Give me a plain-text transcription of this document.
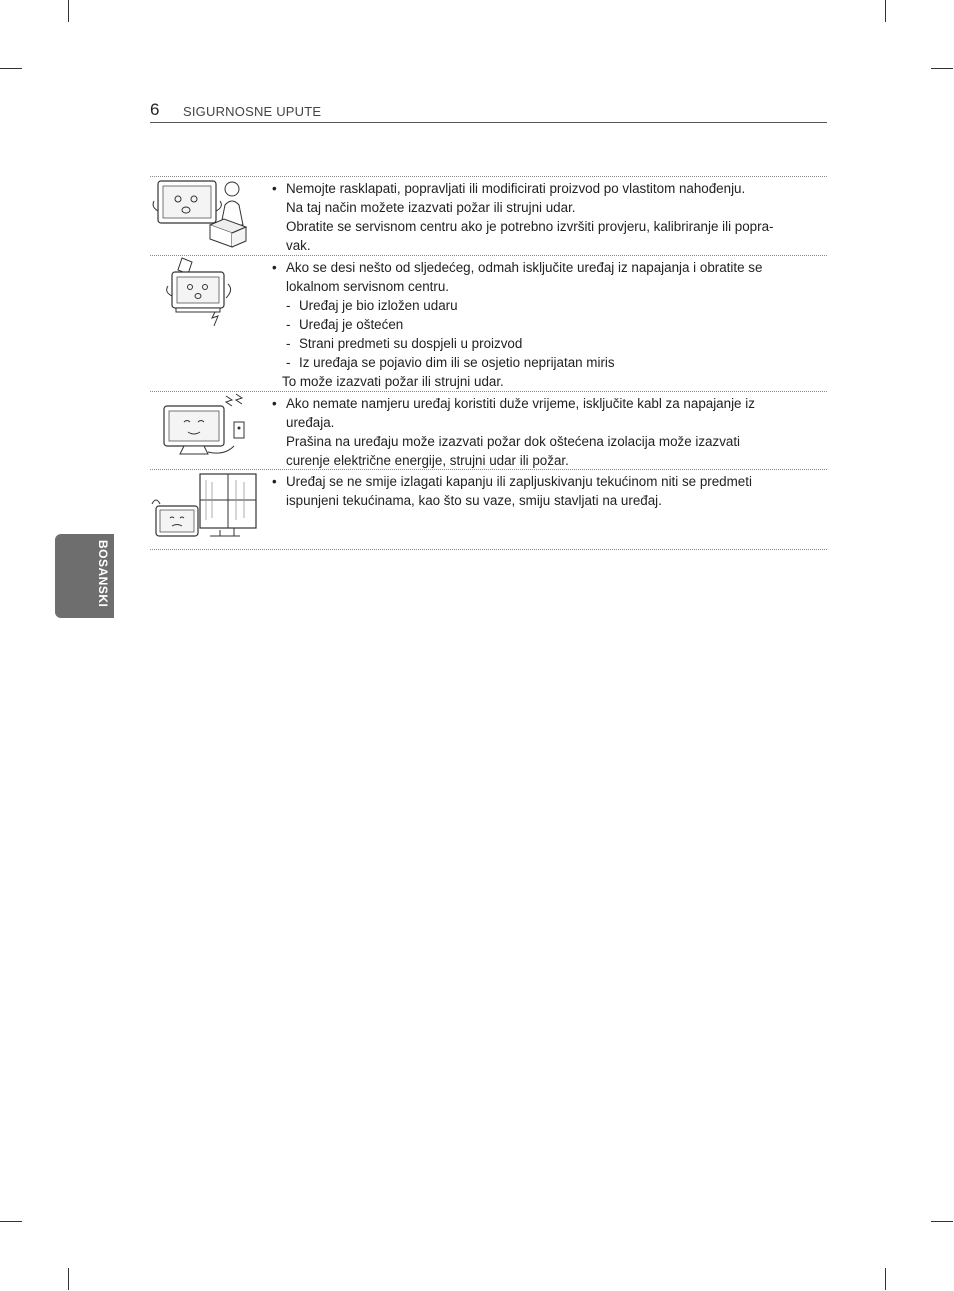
6 SIGURNOSNE UPUTE
BOSANSKI
• Nemojte rasklapati, popravljati ili modificirati proizvod po vlastitom nahođenju.
Na taj način možete izazvati požar ili strujni udar.
Obratite se servisnom centru ako je potrebno izvršiti provjeru, kalibriranje ili popra-
vak.
• Ako se desi nešto od sljedećeg, odmah isključite uređaj iz napajanja i obratite se
lokalnom servisnom centru.
- Uređaj je bio izložen udaru
- Uređaj je oštećen
- Strani predmeti su dospjeli u proizvod
- Iz uređaja se pojavio dim ili se osjetio neprijatan miris
To može izazvati požar ili strujni udar.
• Ako nemate namjeru uređaj koristiti duže vrijeme, isključite kabl za napajanje iz
uređaja.
Prašina na uređaju može izazvati požar dok oštećena izolacija može izazvati
curenje električne energije, strujni udar ili požar.
• Uređaj se ne smije izlagati kapanju ili zapljuskivanju tekućinom niti se predmeti
ispunjeni tekućinama, kao što su vaze, smiju stavljati na uređaj.
